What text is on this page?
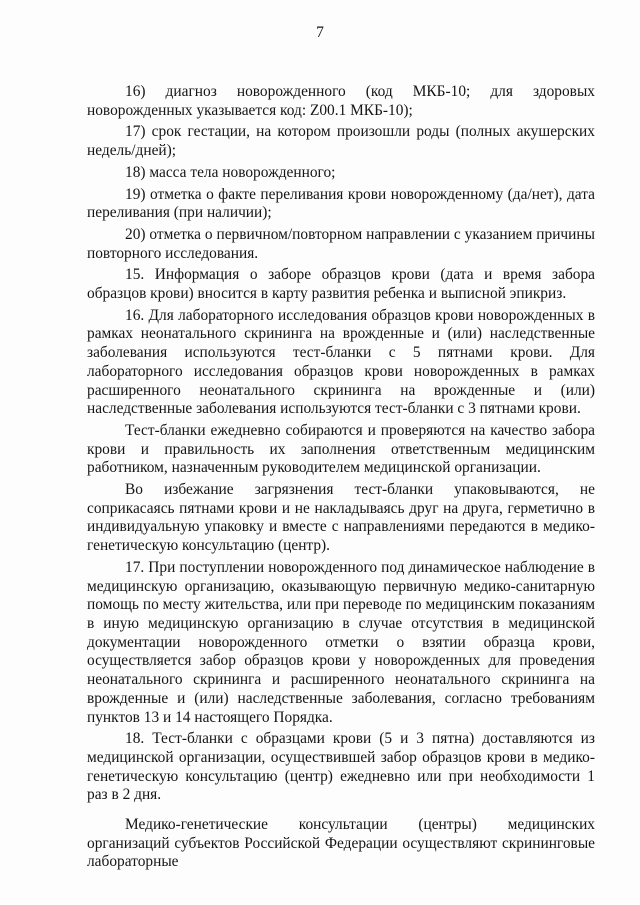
7

16) диагноз новорожденного (код МКБ-10; для здоровых новорожденных указывается код: Z00.1 МКБ-10);

17) срок гестации, на котором произошли роды (полных акушерских недель/дней);

18) масса тела новорожденного;

19) отметка о факте переливания крови новорожденному (да/нет), дата переливания (при наличии);

20) отметка о первичном/повторном направлении с указанием причины повторного исследования.

15. Информация о заборе образцов крови (дата и время забора образцов крови) вносится в карту развития ребенка и выписной эпикриз.

16. Для лабораторного исследования образцов крови новорожденных в рамках неонатального скрининга на врожденные и (или) наследственные заболевания используются тест-бланки с 5 пятнами крови. Для лабораторного исследования образцов крови новорожденных в рамках расширенного неонатального скрининга на врожденные и (или) наследственные заболевания используются тест-бланки с 3 пятнами крови.

Тест-бланки ежедневно собираются и проверяются на качество забора крови и правильность их заполнения ответственным медицинским работником, назначенным руководителем медицинской организации.

Во избежание загрязнения тест-бланки упаковываются, не соприкасаясь пятнами крови и не накладываясь друг на друга, герметично в индивидуальную упаковку и вместе с направлениями передаются в медико-генетическую консультацию (центр).

17. При поступлении новорожденного под динамическое наблюдение в медицинскую организацию, оказывающую первичную медико-санитарную помощь по месту жительства, или при переводе по медицинским показаниям в иную медицинскую организацию в случае отсутствия в медицинской документации новорожденного отметки о взятии образца крови, осуществляется забор образцов крови у новорожденных для проведения неонатального скрининга и расширенного неонатального скрининга на врожденные и (или) наследственные заболевания, согласно требованиям пунктов 13 и 14 настоящего Порядка.

18. Тест-бланки с образцами крови (5 и 3 пятна) доставляются из медицинской организации, осуществившей забор образцов крови в медико-генетическую консультацию (центр) ежедневно или при необходимости 1 раз в 2 дня.

Медико-генетические консультации (центры) медицинских организаций субъектов Российской Федерации осуществляют скрининговые лабораторные
